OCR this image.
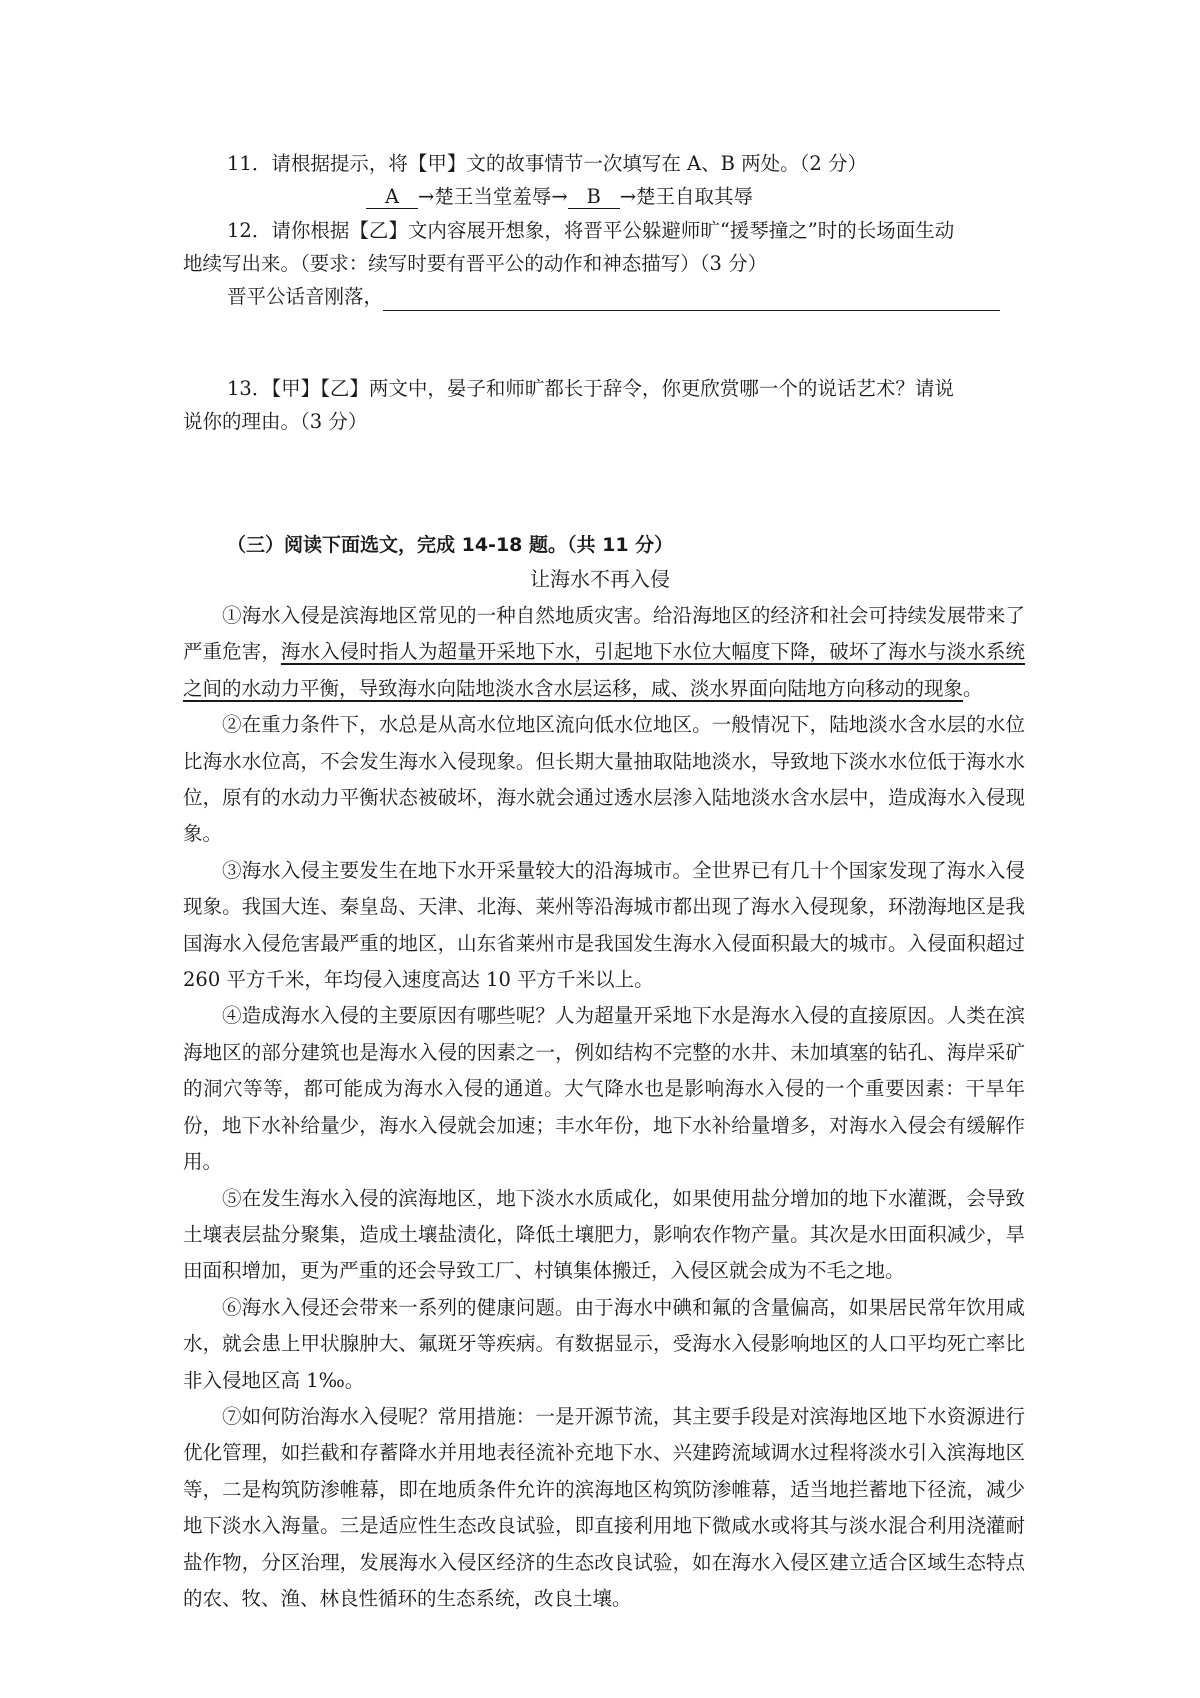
11．请根据提示，将【甲】文的故事情节一次填写在 A、B 两处。（2 分）
A →楚王当堂羞辱→ B →楚王自取其辱
12．请你根据【乙】文内容展开想象，将晋平公躲避师旷“援琴撞之”时的长场面生动
地续写出来。（要求：续写时要有晋平公的动作和神态描写）（3 分）
晋平公话音刚落，
13．【甲】【乙】两文中，晏子和师旷都长于辞令，你更欣赏哪一个的说话艺术？请说
说你的理由。（3 分）
（三）阅读下面选文，完成 14-18 题。（共 11 分）
让海水不再入侵

①海水入侵是滨海地区常见的一种自然地质灾害。给沿海地区的经济和社会可持续发展带来了严重危害，海水入侵时指人为超量开采地下水，引起地下水位大幅度下降，破坏了海水与淡水系统之间的水动力平衡，导致海水向陆地淡水含水层运移，咸、淡水界面向陆地方向移动的现象。

②在重力条件下，水总是从高水位地区流向低水位地区。一般情况下，陆地淡水含水层的水位比海水水位高，不会发生海水入侵现象。但长期大量抽取陆地淡水，导致地下淡水水位低于海水水位，原有的水动力平衡状态被破坏，海水就会通过透水层渗入陆地淡水含水层中，造成海水入侵现象。

③海水入侵主要发生在地下水开采量较大的沿海城市。全世界已有几十个国家发现了海水入侵现象。我国大连、秦皇岛、天津、北海、莱州等沿海城市都出现了海水入侵现象，环渤海地区是我国海水入侵危害最严重的地区，山东省莱州市是我国发生海水入侵面积最大的城市。入侵面积超过 260 平方千米，年均侵入速度高达 10 平方千米以上。

④造成海水入侵的主要原因有哪些呢？人为超量开采地下水是海水入侵的直接原因。人类在滨海地区的部分建筑也是海水入侵的因素之一，例如结构不完整的水井、未加填塞的钻孔、海岸采矿的洞穴等等，都可能成为海水入侵的通道。大气降水也是影响海水入侵的一个重要因素：干旱年份，地下水补给量少，海水入侵就会加速；丰水年份，地下水补给量增多，对海水入侵会有缓解作用。

⑤在发生海水入侵的滨海地区，地下淡水水质咸化，如果使用盐分增加的地下水灌溉，会导致土壤表层盐分聚集，造成土壤盐渍化，降低土壤肥力，影响农作物产量。其次是水田面积减少，旱田面积增加，更为严重的还会导致工厂、村镇集体搬迁，入侵区就会成为不毛之地。

⑥海水入侵还会带来一系列的健康问题。由于海水中碘和氟的含量偏高，如果居民常年饮用咸水，就会患上甲状腺肿大、氟斑牙等疾病。有数据显示，受海水入侵影响地区的人口平均死亡率比非入侵地区高 1‰。

⑦如何防治海水入侵呢？常用措施：一是开源节流，其主要手段是对滨海地区地下水资源进行优化管理，如拦截和存蓄降水并用地表径流补充地下水、兴建跨流域调水过程将淡水引入滨海地区等，二是构筑防渗帷幕，即在地质条件允许的滨海地区构筑防渗帷幕，适当地拦蓄地下径流，减少地下淡水入海量。三是适应性生态改良试验，即直接利用地下微咸水或将其与淡水混合利用浇灌耐盐作物，分区治理，发展海水入侵区经济的生态改良试验，如在海水入侵区建立适合区域生态特点的农、牧、渔、林良性循环的生态系统，改良土壤。
